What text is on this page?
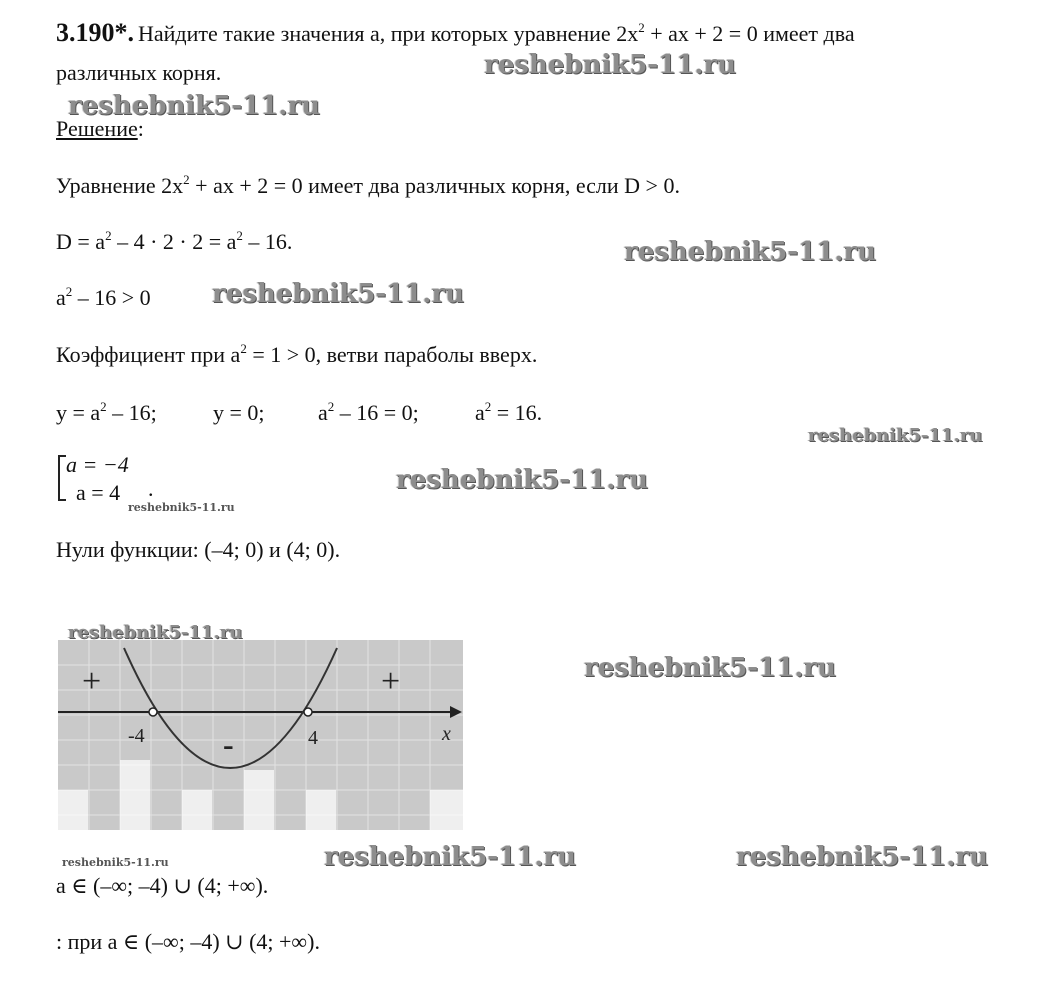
3.190*. Найдите такие значения a, при которых уравнение $2x^2$ + ax + 2 = 0 имеет два
различных корня.
Решение:
Уравнение $2x^2$ + ax + 2 = 0 имеет два различных корня, если D > 0.
$D = a^2 - 4 \cdot 2 \cdot 2 = a^2 - 16$.
$a^2 - 16 > 0$
Коэффициент при $a^2 = 1 > 0$, ветви параболы вверх.
$y = a^2 - 16$;	y = 0; $a^2 - 16 = 0$;	$a^2 = 16$.
a = −4
a = 4 .
Нули функции: (–4; 0) и (4; 0).
+	+
-
-4	4	x
a ∈ (–∞; –4) ∪ (4; +∞).
: при a ∈ (–∞; –4) ∪ (4; +∞).
reshebnik5-11.ru
reshebnik5-11.ru
reshebnik5-11.ru
reshebnik5-11.ru
reshebnik5-11.ru
reshebnik5-11.ru
reshebnik5-11.ru
reshebnik5-11.ru
reshebnik5-11.ru
reshebnik5-11.ru	reshebnik5-11.ru	reshebnik5-11.ru
